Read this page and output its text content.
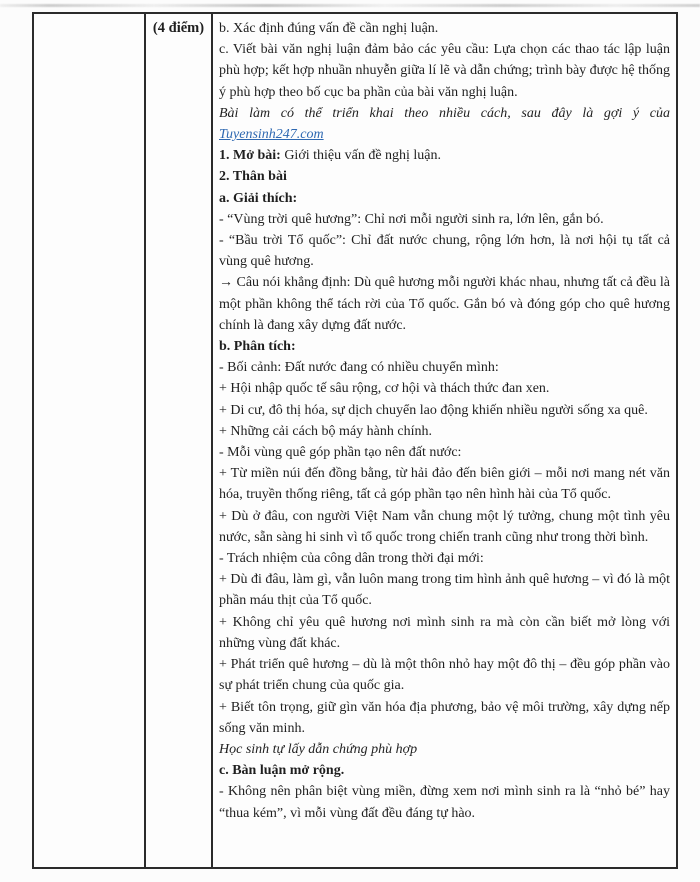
(4 điểm)	b. Xác định đúng vấn đề cần nghị luận.
c. Viết bài văn nghị luận đảm bảo các yêu cầu: Lựa chọn các thao tác lập luận phù hợp; kết hợp nhuần nhuyễn giữa lí lẽ và dẫn chứng; trình bày được hệ thống ý phù hợp theo bố cục ba phần của bài văn nghị luận.
Bài làm có thể triển khai theo nhiều cách, sau đây là gợi ý của Tuyensinh247.com
1. Mở bài: Giới thiệu vấn đề nghị luận.
2. Thân bài
a. Giải thích:
- “Vùng trời quê hương”: Chỉ nơi mỗi người sinh ra, lớn lên, gắn bó.
- “Bầu trời Tổ quốc”: Chỉ đất nước chung, rộng lớn hơn, là nơi hội tụ tất cả vùng quê hương.
→ Câu nói khẳng định: Dù quê hương mỗi người khác nhau, nhưng tất cả đều là một phần không thể tách rời của Tổ quốc. Gắn bó và đóng góp cho quê hương chính là đang xây dựng đất nước.
b. Phân tích:
- Bối cảnh: Đất nước đang có nhiều chuyển mình:
+ Hội nhập quốc tế sâu rộng, cơ hội và thách thức đan xen.
+ Di cư, đô thị hóa, sự dịch chuyển lao động khiến nhiều người sống xa quê.
+ Những cải cách bộ máy hành chính.
- Mỗi vùng quê góp phần tạo nên đất nước:
+ Từ miền núi đến đồng bằng, từ hải đảo đến biên giới – mỗi nơi mang nét văn hóa, truyền thống riêng, tất cả góp phần tạo nên hình hài của Tổ quốc.
+ Dù ở đâu, con người Việt Nam vẫn chung một lý tưởng, chung một tình yêu nước, sẵn sàng hi sinh vì tổ quốc trong chiến tranh cũng như trong thời bình.
- Trách nhiệm của công dân trong thời đại mới:
+ Dù đi đâu, làm gì, vẫn luôn mang trong tim hình ảnh quê hương – vì đó là một phần máu thịt của Tổ quốc.
+ Không chỉ yêu quê hương nơi mình sinh ra mà còn cần biết mở lòng với những vùng đất khác.
+ Phát triển quê hương – dù là một thôn nhỏ hay một đô thị – đều góp phần vào sự phát triển chung của quốc gia.
+ Biết tôn trọng, giữ gìn văn hóa địa phương, bảo vệ môi trường, xây dựng nếp sống văn minh.
Học sinh tự lấy dẫn chứng phù hợp
c. Bàn luận mở rộng.
- Không nên phân biệt vùng miền, đừng xem nơi mình sinh ra là “nhỏ bé” hay “thua kém”, vì mỗi vùng đất đều đáng tự hào.
